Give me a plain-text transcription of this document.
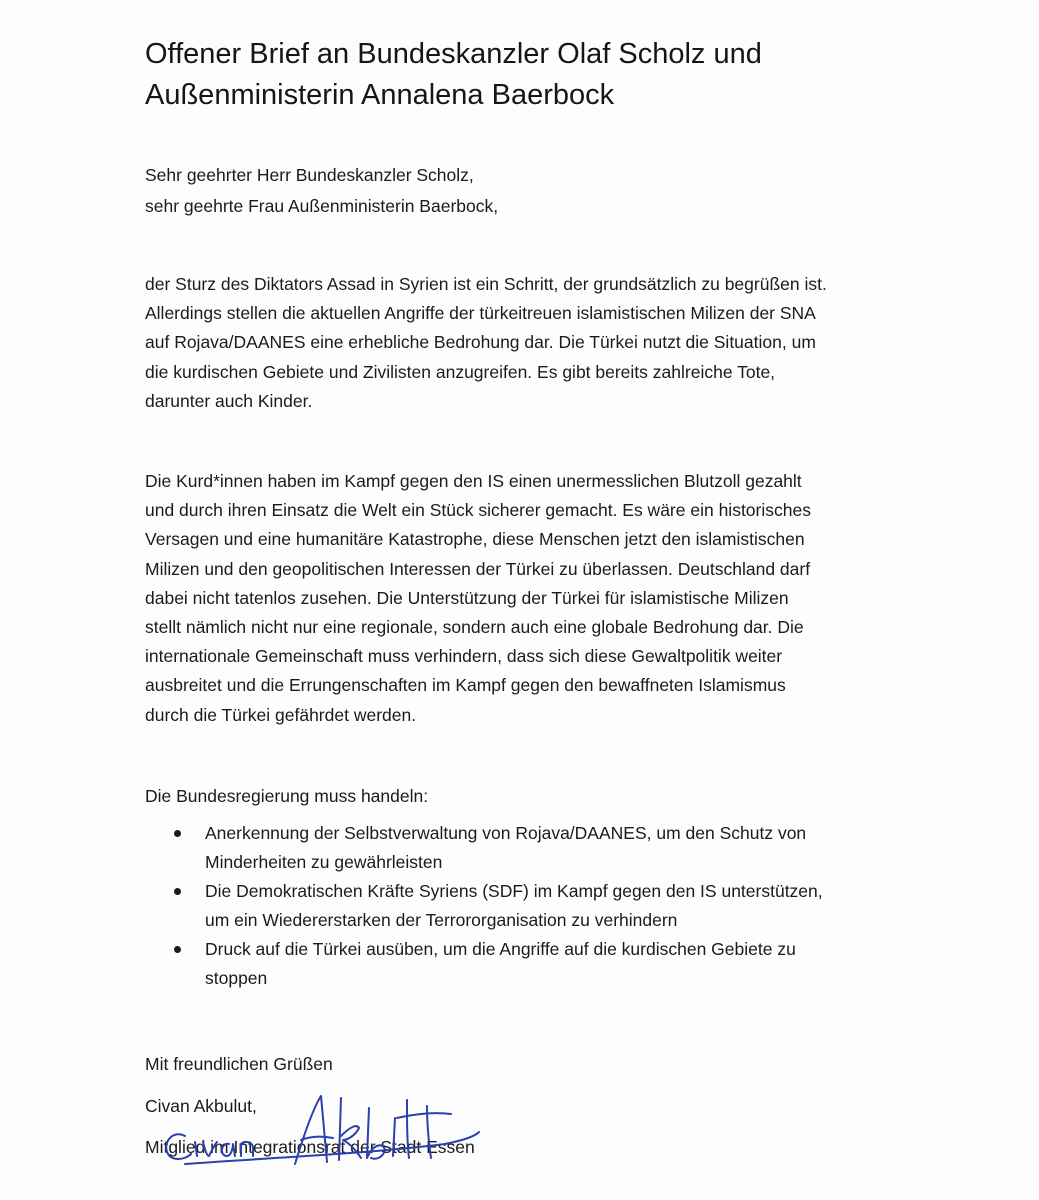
Offener Brief an Bundeskanzler Olaf Scholz und
Außenministerin Annalena Baerbock

Sehr geehrter Herr Bundeskanzler Scholz,
sehr geehrte Frau Außenministerin Baerbock,

der Sturz des Diktators Assad in Syrien ist ein Schritt, der grundsätzlich zu begrüßen ist.
Allerdings stellen die aktuellen Angriffe der türkeitreuen islamistischen Milizen der SNA
auf Rojava/DAANES eine erhebliche Bedrohung dar. Die Türkei nutzt die Situation, um
die kurdischen Gebiete und Zivilisten anzugreifen. Es gibt bereits zahlreiche Tote,
darunter auch Kinder.

Die Kurd*innen haben im Kampf gegen den IS einen unermesslichen Blutzoll gezahlt
und durch ihren Einsatz die Welt ein Stück sicherer gemacht. Es wäre ein historisches
Versagen und eine humanitäre Katastrophe, diese Menschen jetzt den islamistischen
Milizen und den geopolitischen Interessen der Türkei zu überlassen. Deutschland darf
dabei nicht tatenlos zusehen. Die Unterstützung der Türkei für islamistische Milizen
stellt nämlich nicht nur eine regionale, sondern auch eine globale Bedrohung dar. Die
internationale Gemeinschaft muss verhindern, dass sich diese Gewaltpolitik weiter
ausbreitet und die Errungenschaften im Kampf gegen den bewaffneten Islamismus
durch die Türkei gefährdet werden.

Die Bundesregierung muss handeln:

Anerkennung der Selbstverwaltung von Rojava/DAANES, um den Schutz von
Minderheiten zu gewährleisten
Die Demokratischen Kräfte Syriens (SDF) im Kampf gegen den IS unterstützen,
um ein Wiedererstarken der Terrororganisation zu verhindern
Druck auf die Türkei ausüben, um die Angriffe auf die kurdischen Gebiete zu
stoppen

Mit freundlichen Grüßen

Civan Akbulut,

Mitglied im Integrationsrat der Stadt Essen
